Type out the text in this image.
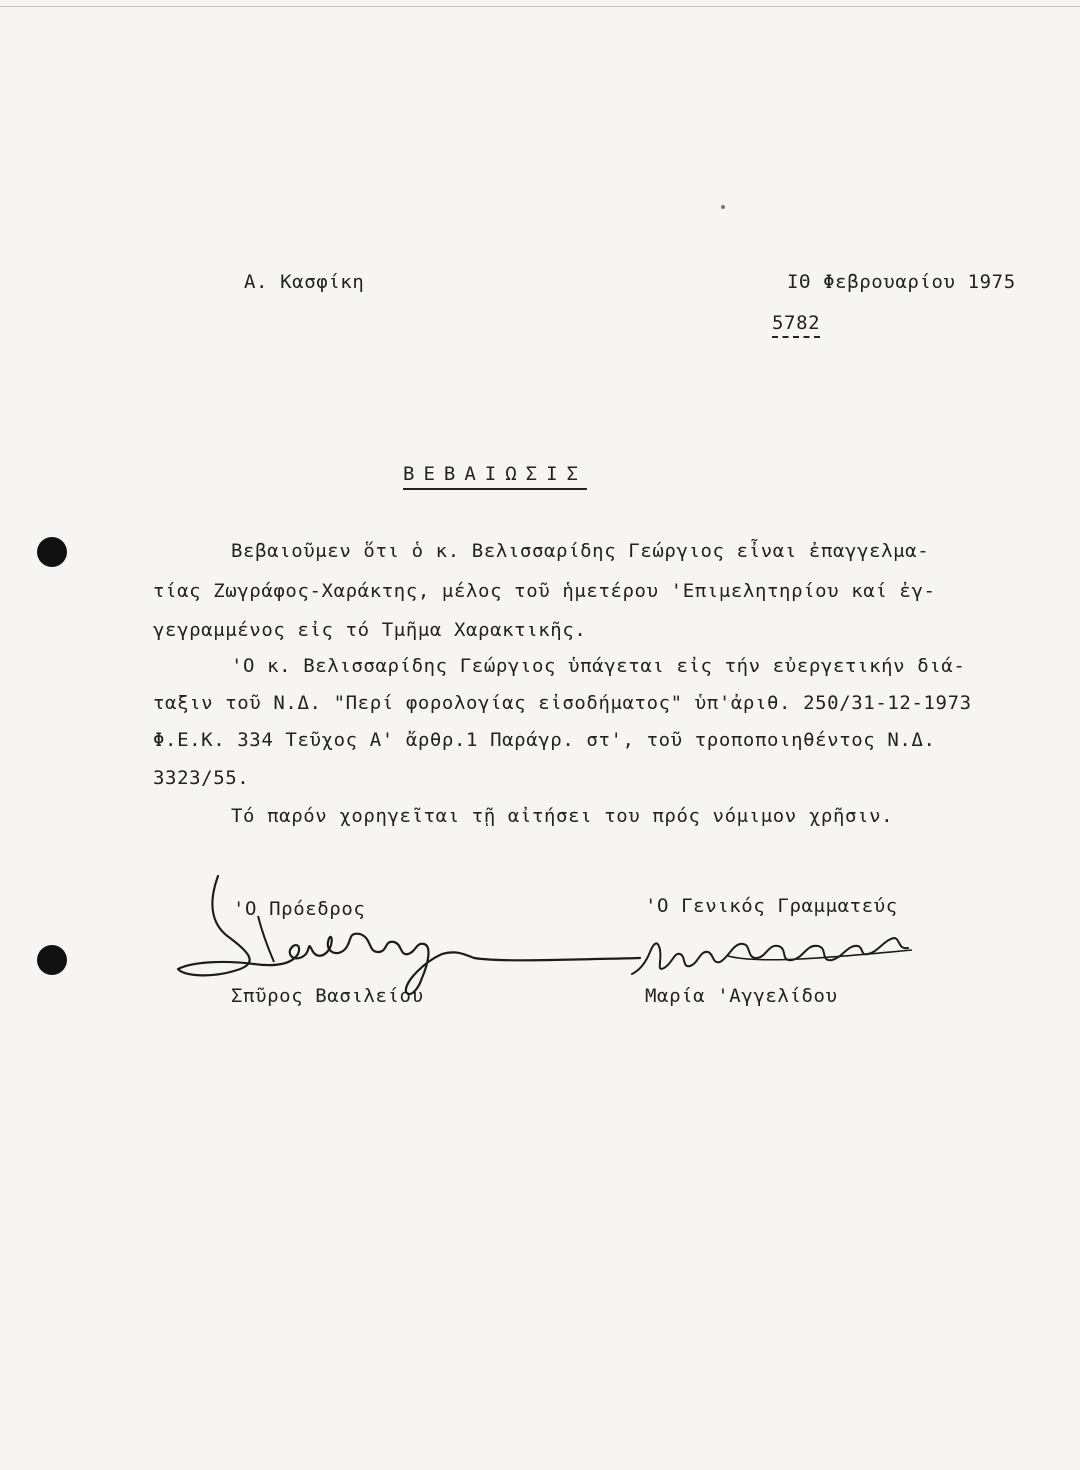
Α. Κασφίκη	ΙΘ Φεβρουαρίου 1975
5782
ΒΕΒΑΙΩΣΙΣ
Βεβαιοῦμεν ὅτι ὁ κ. Βελισσαρίδης Γεώργιος εἶναι ἐπαγγελμα-
τίας Ζωγράφος-Χαράκτης, μέλος τοῦ ἡμετέρου 'Επιμελητηρίου καί ἐγ-
γεγραμμένος εἰς τό Τμῆμα Χαρακτικῆς.
'Ο κ. Βελισσαρίδης Γεώργιος ὑπάγεται εἰς τήν εὐεργετικήν διά-
ταξιν τοῦ Ν.Δ. "Περί φορολογίας εἰσοδήματος" ὑπ'ἀριθ. 250/31-12-1973
Φ.Ε.Κ. 334 Τεῦχος Α' ἄρθρ.1 Παράγρ. στ', τοῦ τροποποιηθέντος Ν.Δ.
3323/55.
Τό παρόν χορηγεῖται τῇ αἰτήσει του πρός νόμιμον χρῆσιν.
'Ο Πρόεδρος	'Ο Γενικός Γραμματεύς
Σπῦρος Βασιλείου	Μαρία 'Αγγελίδου
